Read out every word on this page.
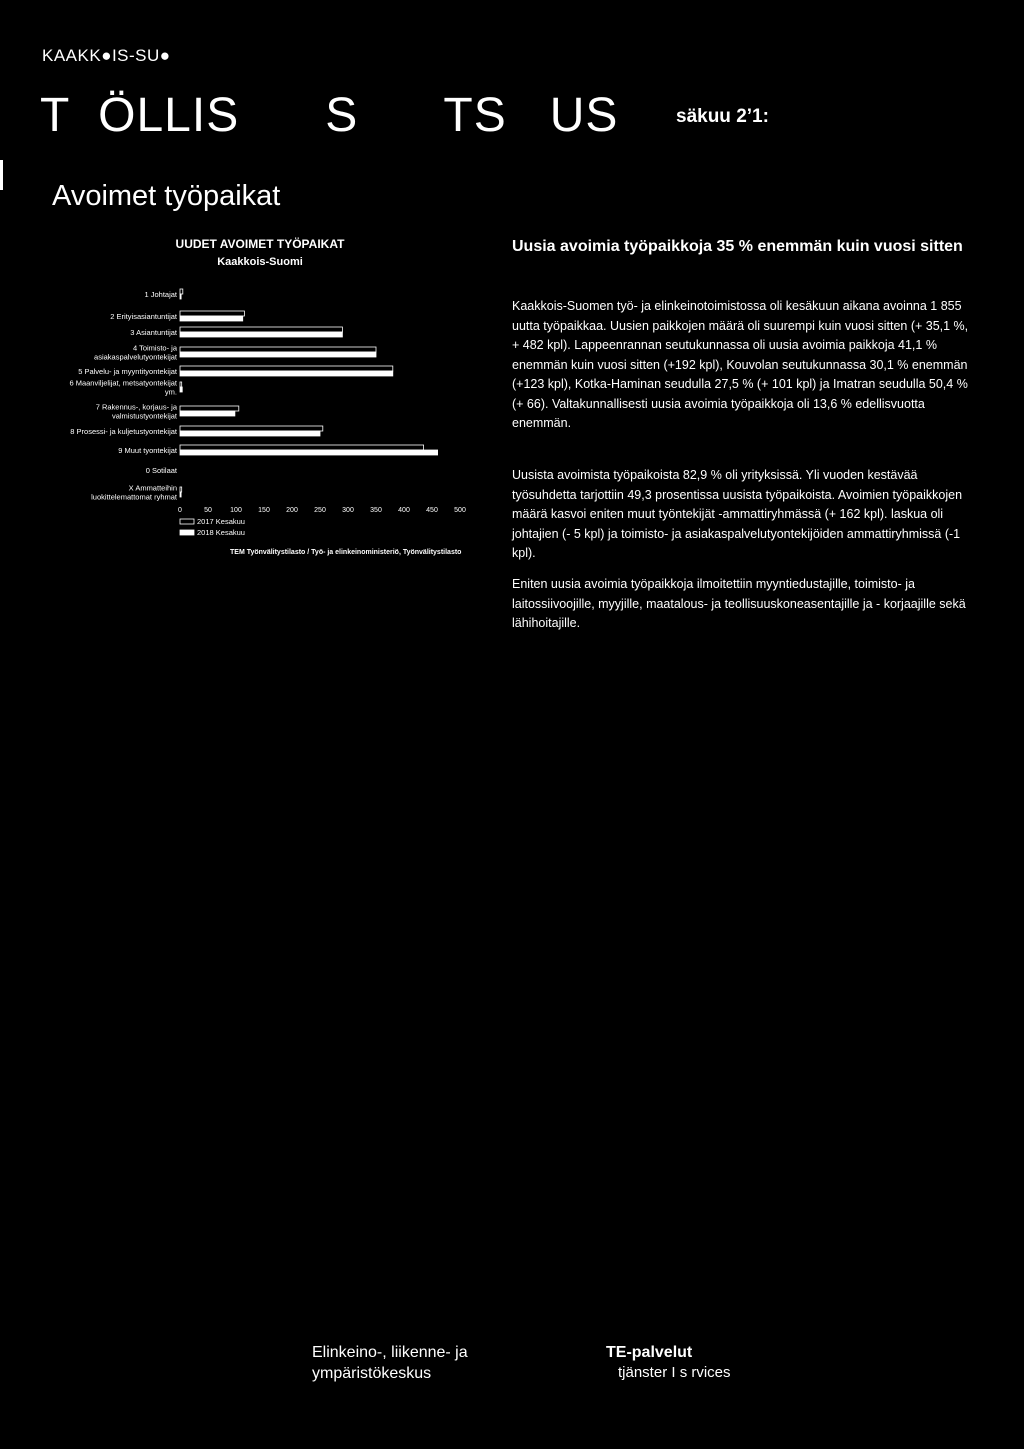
KAAKK●IS-SU●
T  ÖLLIS      S      TS   US	säkuu 2’1:
Avoimet työpaikat
UUDET AVOIMET TYÖPAIKAT
Kaakkois-Suomi
1 Johtajat
2 Erityisasiantuntijat
3 Asiantuntijat
4 Toimisto- ja
asiakaspalvelutyontekijat
5 Palvelu- ja myyntityontekijat
6 Maanviljelijat, metsatyontekijat
ym.
7 Rakennus-, korjaus- ja
valmistustyontekijat
8 Prosessi- ja kuljetustyontekijat
9 Muut tyontekijat
0 Sotilaat
X Ammatteihin
luokittelemattomat ryhmat
0	50	100 150 200 250 300 350 400 450 500
2017 Kesakuu
2018 Kesakuu
TEM Työnvälitystilasto / Työ- ja elinkeinoministeriö, Työnvälitystilasto
Uusia avoimia työpaikkoja 35 % enemmän kuin vuosi sitten
Kaakkois-Suomen työ- ja elinkeinotoimistossa oli kesäkuun aikana avoinna 1 855 uutta työpaikkaa. Uusien paikkojen määrä oli suurempi kuin vuosi sitten (+ 35,1 %, + 482 kpl). Lappeenrannan seutukunnassa oli uusia avoimia paikkoja 41,1 % enemmän kuin vuosi sitten (+192 kpl), Kouvolan seutukunnassa 30,1 % enemmän (+123 kpl), Kotka-Haminan seudulla 27,5 % (+ 101 kpl) ja Imatran seudulla 50,4 % (+ 66). Valtakunnallisesti uusia avoimia työpaikkoja oli 13,6 % edellisvuotta enemmän.
Uusista avoimista työpaikoista 82,9 % oli yrityksissä. Yli vuoden kestävää työsuhdetta tarjottiin 49,3 prosentissa uusista työpaikoista. Avoimien työpaikkojen määrä kasvoi eniten muut työntekijät -ammattiryhmässä (+ 162 kpl). laskua oli johtajien (- 5 kpl) ja toimisto- ja asiakaspalvelutyontekijöiden ammattiryhmissä (-1 kpl).
Eniten uusia avoimia työpaikkoja ilmoitettiin myyntiedustajille, toimisto- ja laitossiivoojille, myyjille, maatalous- ja teollisuuskoneasentajille ja - korjaajille sekä lähihoitajille.
Elinkeino-, liikenne- ja
ympäristökeskus
TE-palvelut
tjänster I s rvices
